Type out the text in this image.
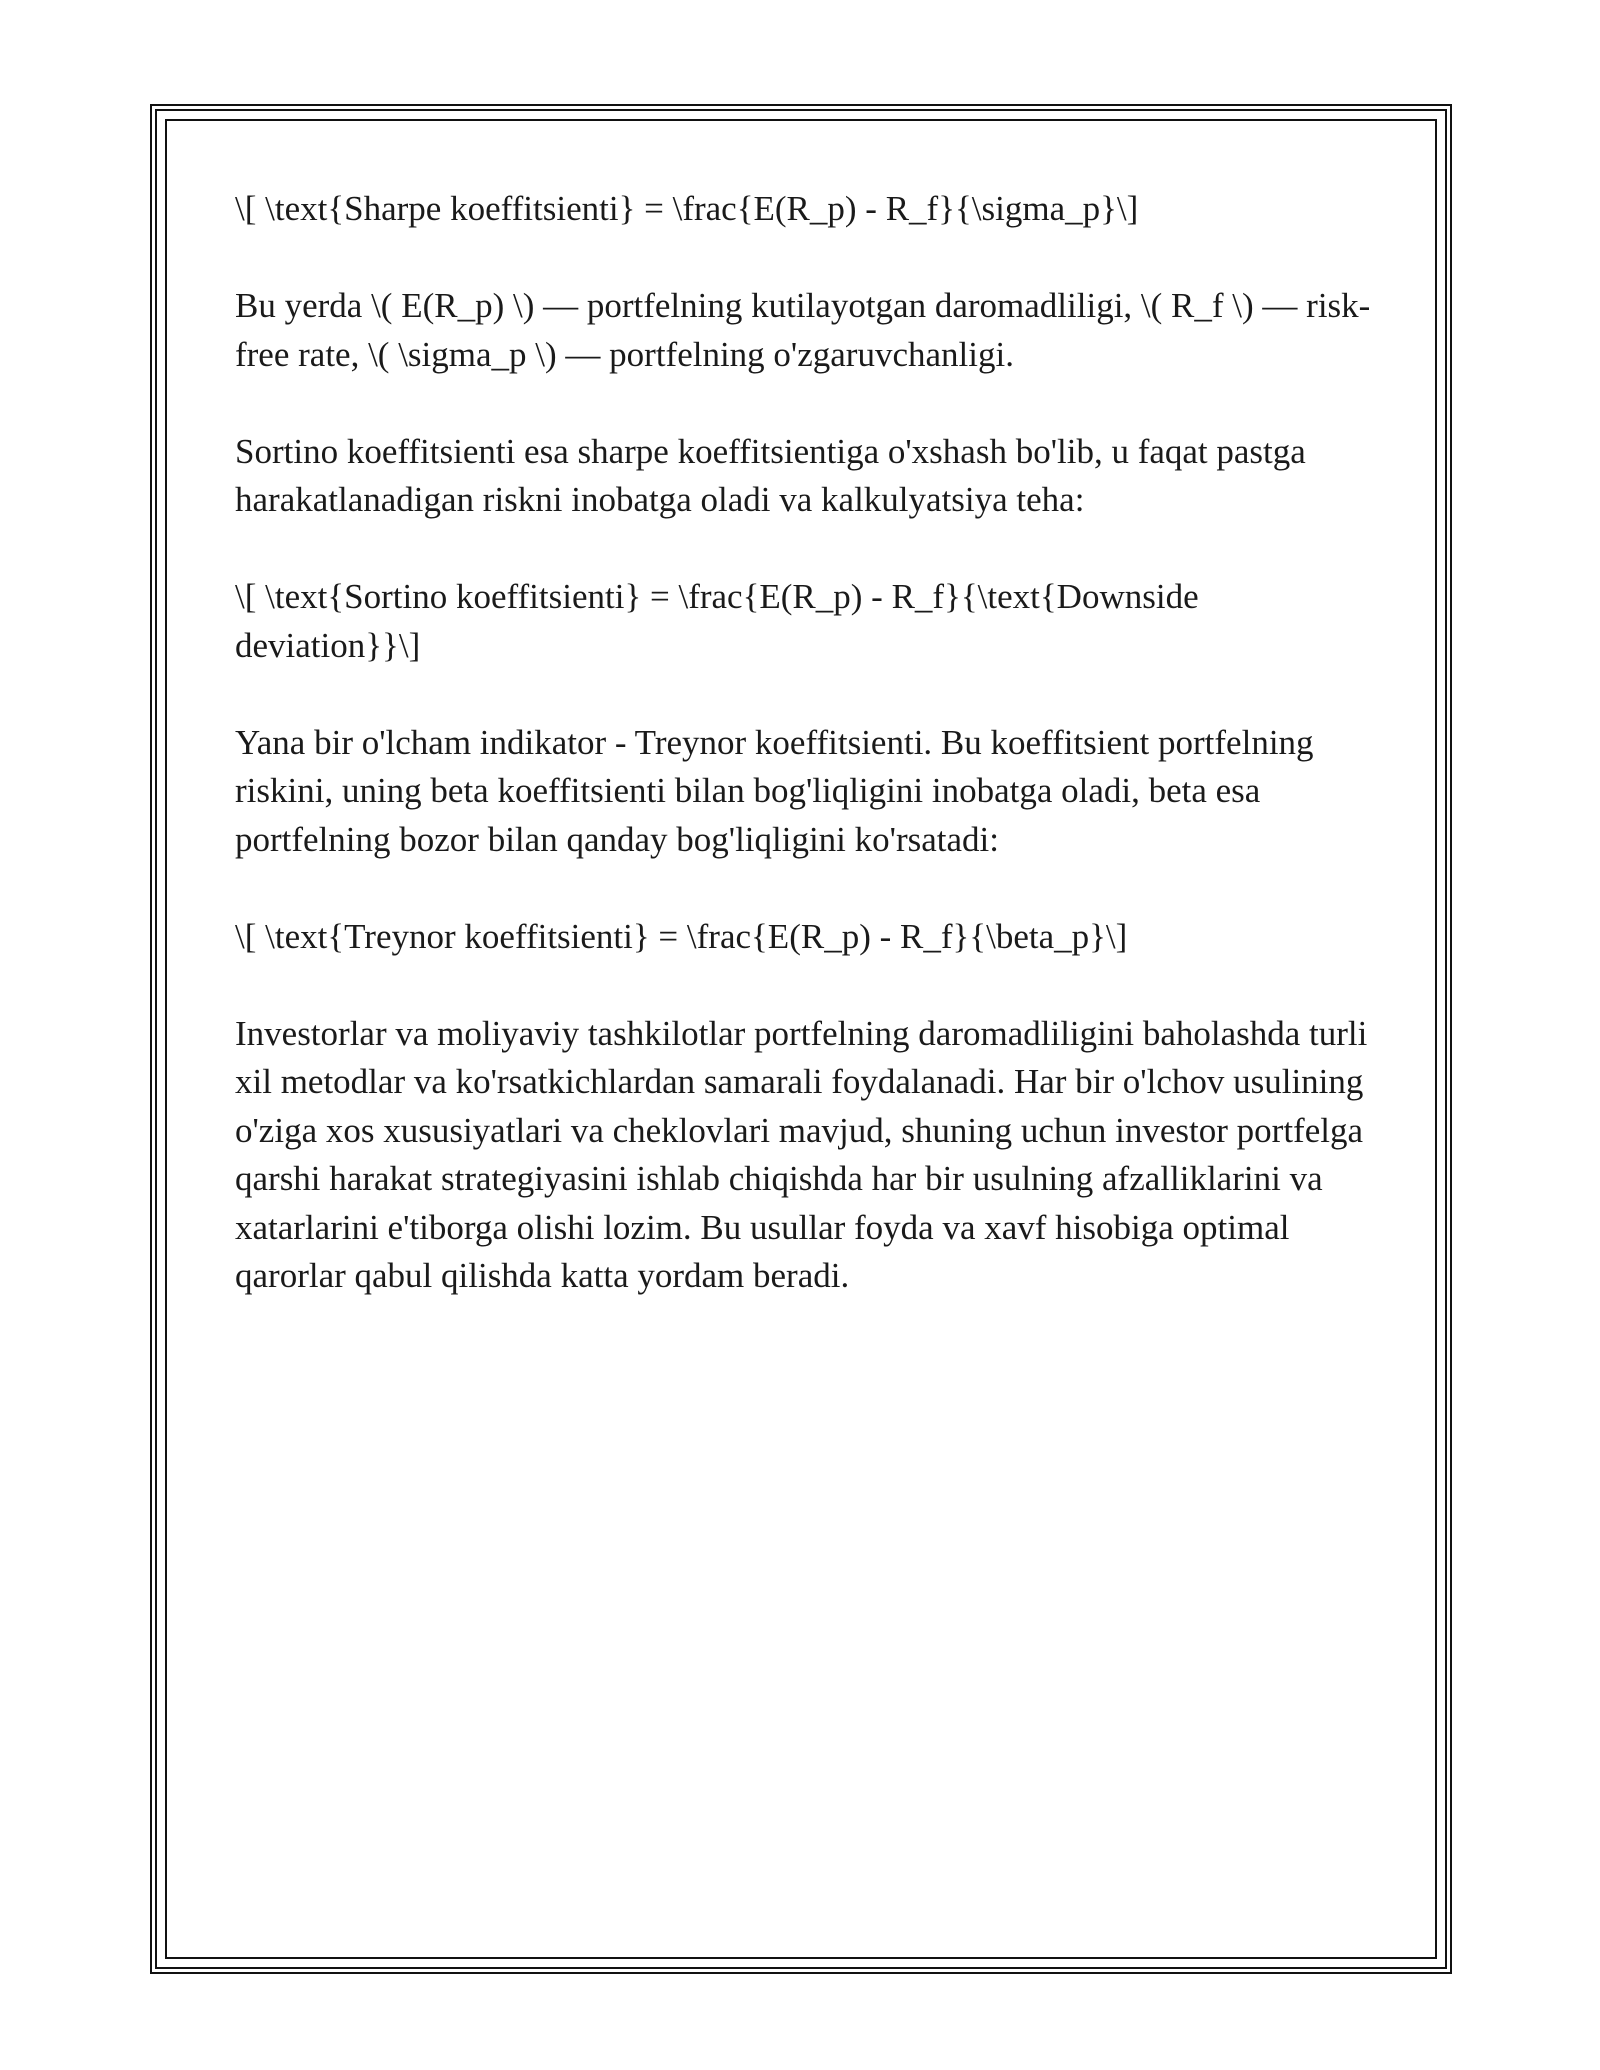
\[ \text{Sharpe koeffitsienti} = \frac{E(R_p) - R_f}{\sigma_p}\]

Bu yerda \( E(R_p) \) — portfelning kutilayotgan daromadliligi, \( R_f \) — risk-free rate, \( \sigma_p \) — portfelning o'zgaruvchanligi.

Sortino koeffitsienti esa sharpe koeffitsientiga o'xshash bo'lib, u faqat pastga harakatlanadigan riskni inobatga oladi va kalkulyatsiya teha:

\[ \text{Sortino koeffitsienti} = \frac{E(R_p) - R_f}{\text{Downside deviation}}\]

Yana bir o'lcham indikator - Treynor koeffitsienti. Bu koeffitsient portfelning riskini, uning beta koeffitsienti bilan bog'liqligini inobatga oladi, beta esa portfelning bozor bilan qanday bog'liqligini ko'rsatadi:

\[ \text{Treynor koeffitsienti} = \frac{E(R_p) - R_f}{\beta_p}\]

Investorlar va moliyaviy tashkilotlar portfelning daromadliligini baholashda turli xil metodlar va ko'rsatkichlardan samarali foydalanadi. Har bir o'lchov usulining o'ziga xos xususiyatlari va cheklovlari mavjud, shuning uchun investor portfelga qarshi harakat strategiyasini ishlab chiqishda har bir usulning afzalliklarini va xatarlarini e'tiborga olishi lozim. Bu usullar foyda va xavf hisobiga optimal qarorlar qabul qilishda katta yordam beradi.
